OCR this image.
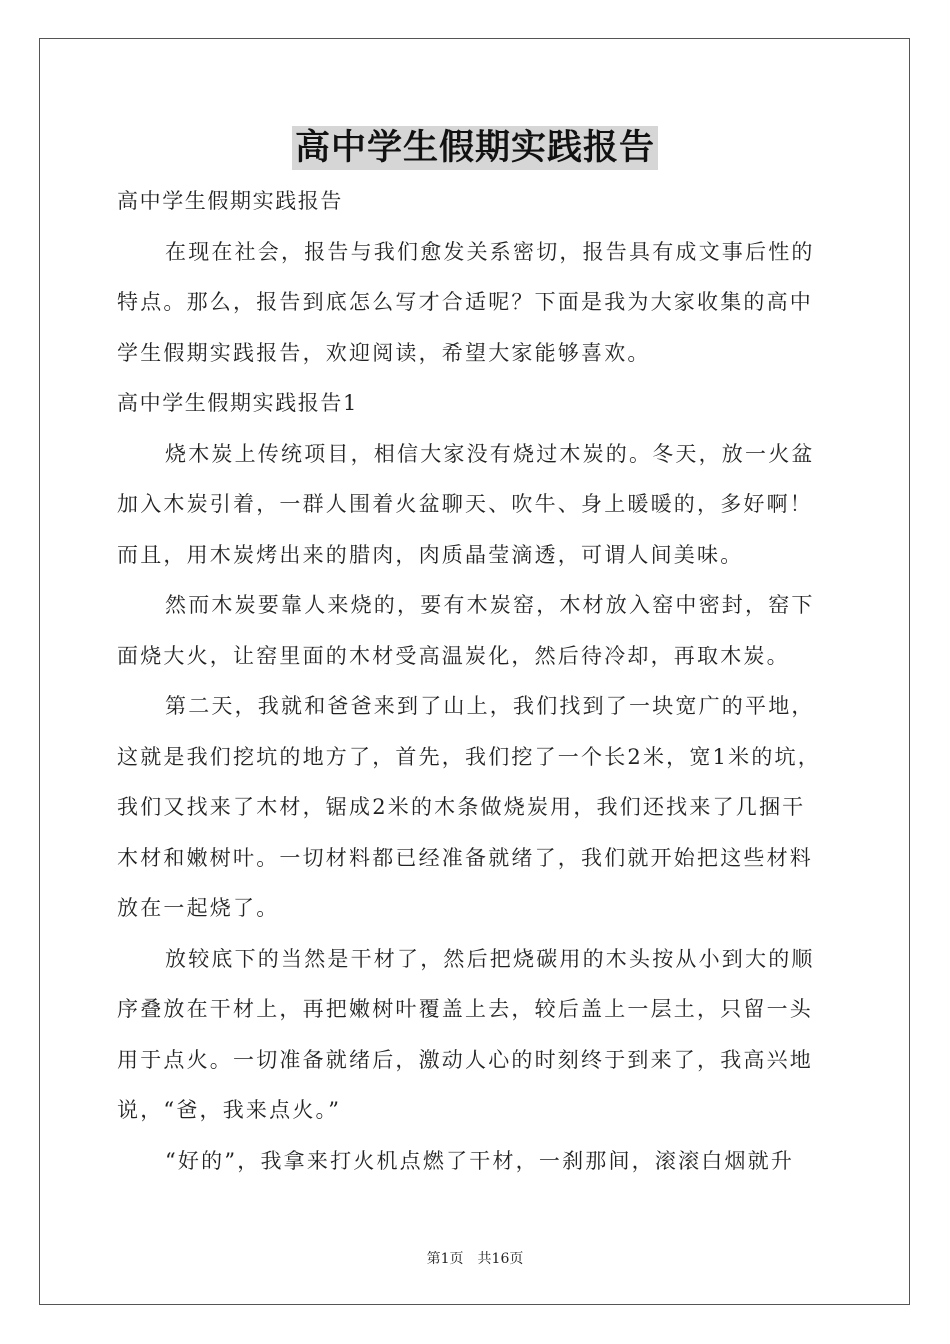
高中学生假期实践报告
高中学生假期实践报告
在现在社会，报告与我们愈发关系密切，报告具有成文事后性的
特点。那么，报告到底怎么写才合适呢？下面是我为大家收集的高中
学生假期实践报告，欢迎阅读，希望大家能够喜欢。
高中学生假期实践报告1
烧木炭上传统项目，相信大家没有烧过木炭的。冬天，放一火盆
加入木炭引着，一群人围着火盆聊天、吹牛、身上暖暖的，多好啊！
而且，用木炭烤出来的腊肉，肉质晶莹滴透，可谓人间美味。
然而木炭要靠人来烧的，要有木炭窑，木材放入窑中密封，窑下
面烧大火，让窑里面的木材受高温炭化，然后待冷却，再取木炭。
第二天，我就和爸爸来到了山上，我们找到了一块宽广的平地，
这就是我们挖坑的地方了，首先，我们挖了一个长2米，宽1米的坑，
我们又找来了木材，锯成2米的木条做烧炭用，我们还找来了几捆干
木材和嫩树叶。一切材料都已经准备就绪了，我们就开始把这些材料
放在一起烧了。
放较底下的当然是干材了，然后把烧碳用的木头按从小到大的顺
序叠放在干材上，再把嫩树叶覆盖上去，较后盖上一层土，只留一头
用于点火。一切准备就绪后，激动人心的时刻终于到来了，我高兴地
说，“爸，我来点火。”
“好的”，我拿来打火机点燃了干材，一刹那间，滚滚白烟就升
第1页　共16页
